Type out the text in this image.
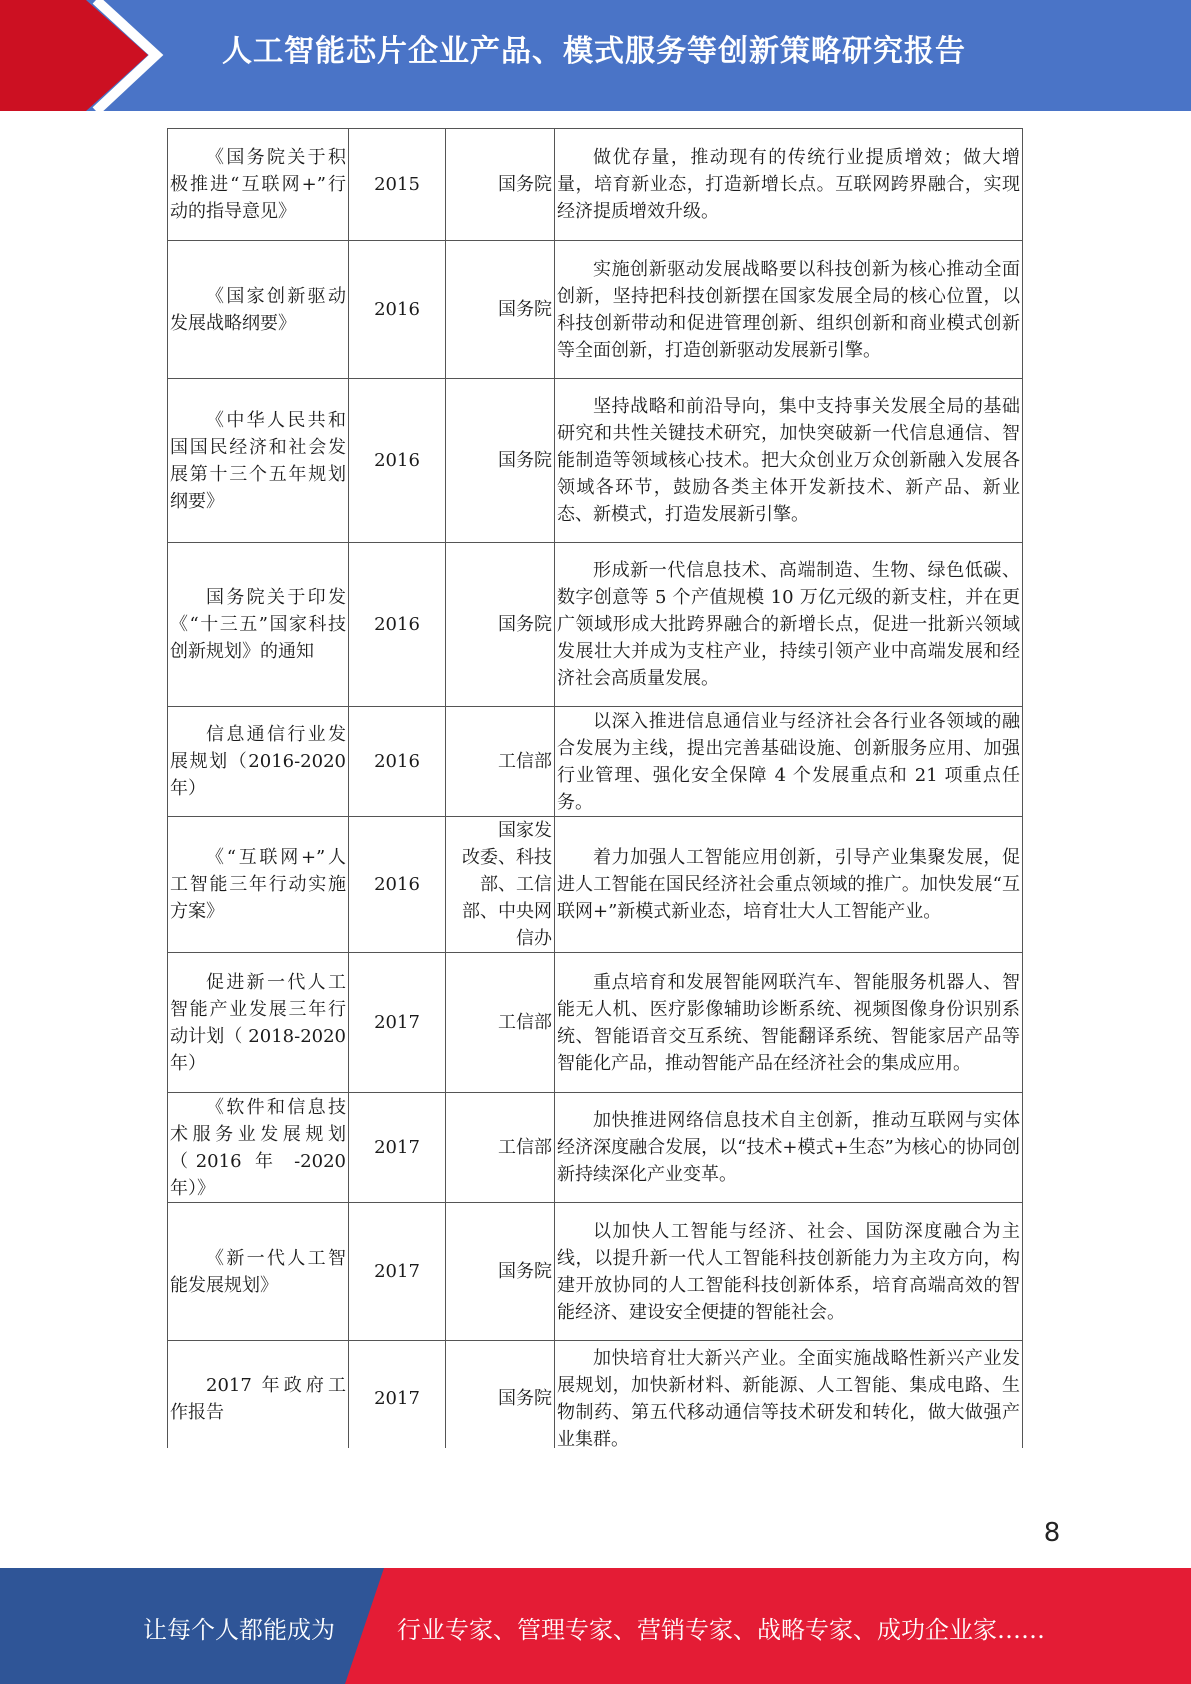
人工智能芯片企业产品、模式服务等创新策略研究报告
《国务院关于积极推进“互联网+”行动的指导意见》	2015	国务院	做优存量，推动现有的传统行业提质增效；做大增量，培育新业态，打造新增长点。互联网跨界融合，实现经济提质增效升级。
《国家创新驱动发展战略纲要》	2016	国务院	实施创新驱动发展战略要以科技创新为核心推动全面创新，坚持把科技创新摆在国家发展全局的核心位置，以科技创新带动和促进管理创新、组织创新和商业模式创新等全面创新，打造创新驱动发展新引擎。
《中华人民共和国国民经济和社会发展第十三个五年规划纲要》	2016	国务院	坚持战略和前沿导向，集中支持事关发展全局的基础研究和共性关键技术研究，加快突破新一代信息通信、智能制造等领域核心技术。把大众创业万众创新融入发展各领域各环节，鼓励各类主体开发新技术、新产品、新业态、新模式，打造发展新引擎。
国务院关于印发《“十三五”国家科技创新规划》的通知	2016	国务院	形成新一代信息技术、高端制造、生物、绿色低碳、数字创意等 5 个产值规模 10 万亿元级的新支柱，并在更广领域形成大批跨界融合的新增长点，促进一批新兴领域发展壮大并成为支柱产业，持续引领产业中高端发展和经济社会高质量发展。
信息通信行业发展规划（2016-2020 年）	2016	工信部	以深入推进信息通信业与经济社会各行业各领域的融合发展为主线，提出完善基础设施、创新服务应用、加强行业管理、强化安全保障 4 个发展重点和 21 项重点任务。
《“互联网+”人工智能三年行动实施方案》	2016	国家发改委、科技部、工信部、中央网信办	着力加强人工智能应用创新，引导产业集聚发展，促进人工智能在国民经济社会重点领域的推广。加快发展“互联网+”新模式新业态，培育壮大人工智能产业。
促进新一代人工智能产业发展三年行动计划（ 2018-2020 年）	2017	工信部	重点培育和发展智能网联汽车、智能服务机器人、智能无人机、医疗影像辅助诊断系统、视频图像身份识别系统、智能语音交互系统、智能翻译系统、智能家居产品等智能化产品，推动智能产品在经济社会的集成应用。
《软件和信息技术服务业发展规划（2016 年 -2020 年）》	2017	工信部	加快推进网络信息技术自主创新，推动互联网与实体经济深度融合发展，以“技术+模式+生态”为核心的协同创新持续深化产业变革。
《新一代人工智能发展规划》	2017	国务院	以加快人工智能与经济、社会、国防深度融合为主线，以提升新一代人工智能科技创新能力为主攻方向，构建开放协同的人工智能科技创新体系，培育高端高效的智能经济、建设安全便捷的智能社会。
2017 年政府工作报告	2017	国务院	加快培育壮大新兴产业。全面实施战略性新兴产业发展规划，加快新材料、新能源、人工智能、集成电路、生物制药、第五代移动通信等技术研发和转化，做大做强产业集群。
8
让每个人都能成为	行业专家、管理专家、营销专家、战略专家、成功企业家……
